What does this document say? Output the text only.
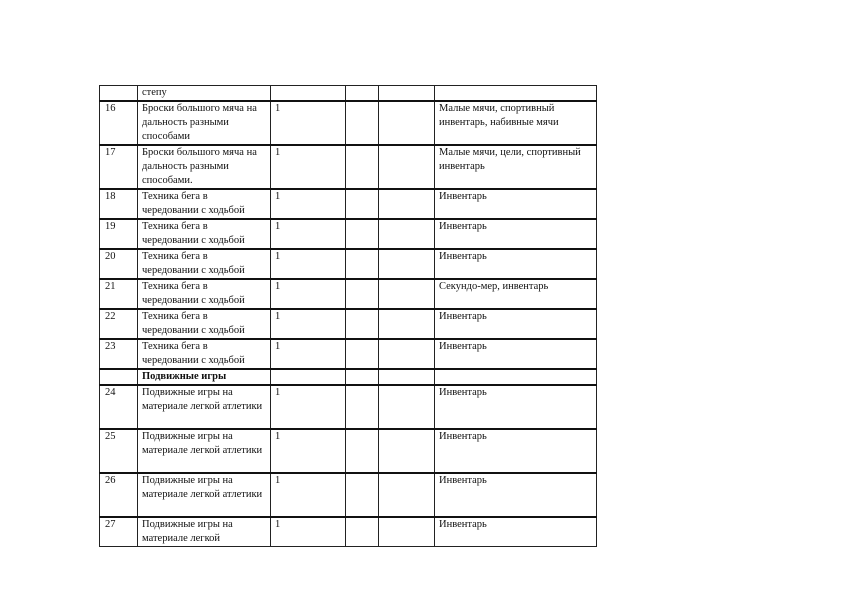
	степу				
16	Броски большого мяча на дальность разными способами	1			Малые мячи, спортивный инвентарь, набивные мячи
17	Броски большого мяча на дальность разными способами.	1			Малые мячи, цели, спортивный инвентарь
18	Техника бега в чередовании с ходьбой	1			Инвентарь
19	Техника бега в чередовании с ходьбой	1			Инвентарь
20	Техника бега в чередовании с ходьбой	1			Инвентарь
21	Техника бега в чередовании с ходьбой	1			Секундо-мер, инвентарь
22	Техника бега в чередовании с ходьбой	1			Инвентарь
23	Техника бега в чередовании с ходьбой	1			Инвентарь
	Подвижные игры				
24	Подвижные игры на материале легкой атлетики	1			Инвентарь
25	Подвижные игры на материале легкой атлетики	1			Инвентарь
26	Подвижные игры на материале легкой атлетики	1			Инвентарь
27	Подвижные игры на материале легкой	1			Инвентарь
